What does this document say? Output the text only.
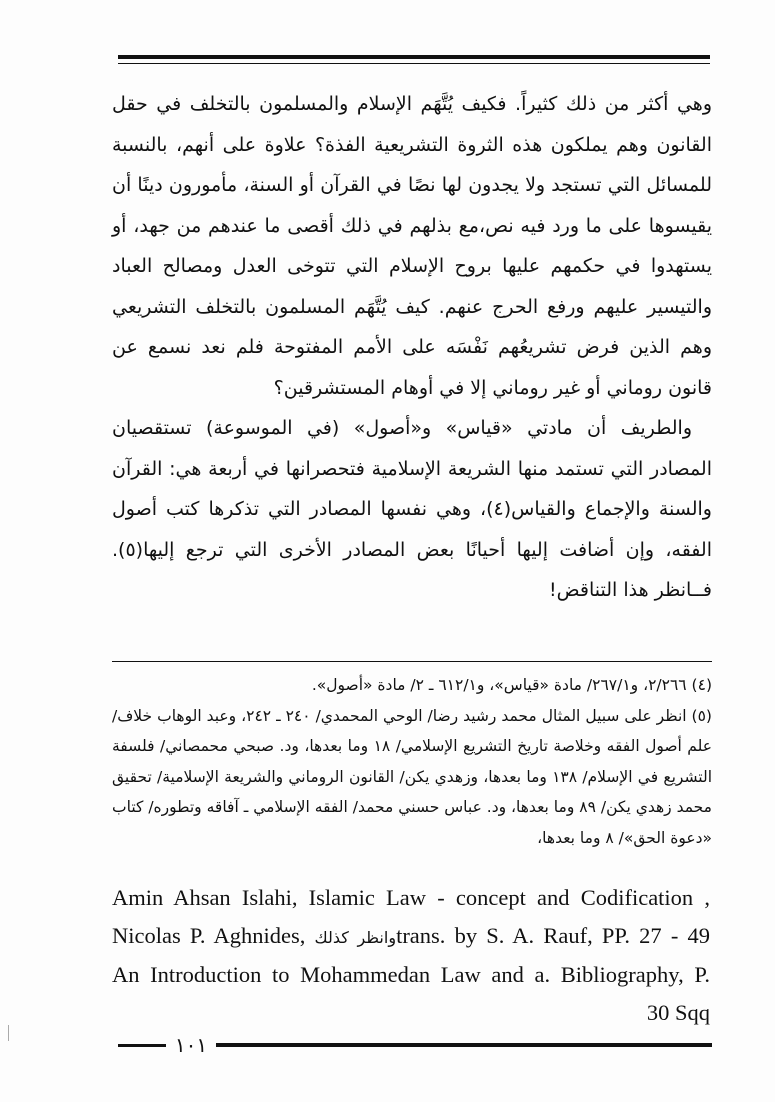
وهي أكثر من ذلك كثيراً. فكيف يُتَّهَم الإسلام والمسلمون بالتخلف في حقل القانون وهم يملكون هذه الثروة التشريعية الفذة؟ علاوة على أنهم، بالنسبة للمسائل التي تستجد ولا يجدون لها نصًا في القرآن أو السنة، مأمورون دينًا أن يقيسوها على ما ورد فيه نص،مع بذلهم في ذلك أقصى ما عندهم من جهد، أو يستهدوا في حكمهم عليها بروح الإسلام التي تتوخى العدل ومصالح العباد والتيسير عليهم ورفع الحرج عنهم. كيف يُتَّهَم المسلمون بالتخلف التشريعي وهم الذين فرض تشريعُهم نَفْسَه على الأمم المفتوحة فلم نعد نسمع عن قانون روماني أو غير روماني إلا في أوهام المستشرقين؟

والطريف أن مادتي «قياس» و«أصول» (في الموسوعة) تستقصيان المصادر التي تستمد منها الشريعة الإسلامية فتحصرانها في أربعة هي: القرآن والسنة والإجماع والقياس(٤)، وهي نفسها المصادر التي تذكرها كتب أصول الفقه، وإن أضافت إليها أحيانًا بعض المصادر الأخرى التي ترجع إليها(٥). فــانظر هذا التناقض!

(٤) ٢/٢٦٦، و٢٦٧/١/ مادة «قياس»، و٦١٢/١ ـ ٢/ مادة «أصول».

(٥) انظر على سبيل المثال محمد رشيد رضا/ الوحي المحمدي/ ٢٤٠ ـ ٢٤٢، وعبد الوهاب خلاف/ علم أصول الفقه وخلاصة تاريخ التشريع الإسلامي/ ١٨ وما بعدها، ود. صبحي محمصاني/ فلسفة التشريع في الإسلام/ ١٣٨ وما بعدها، وزهدي يكن/ القانون الروماني والشريعة الإسلامية/ تحقيق محمد زهدي يكن/ ٨٩ وما بعدها، ود. عباس حسني محمد/ الفقه الإسلامي ـ آفاقه وتطوره/ كتاب «دعوة الحق»/ ٨ وما بعدها،

Amin Ahsan Islahi, Islamic Law - concept and Codification ,
Nicolas P. Aghnides, وانظر كذلكtrans. by S. A. Rauf, PP. 27 - 49
An Introduction to Mohammedan Law and a. Bibliography, P.
30 Sqq
١٠١
